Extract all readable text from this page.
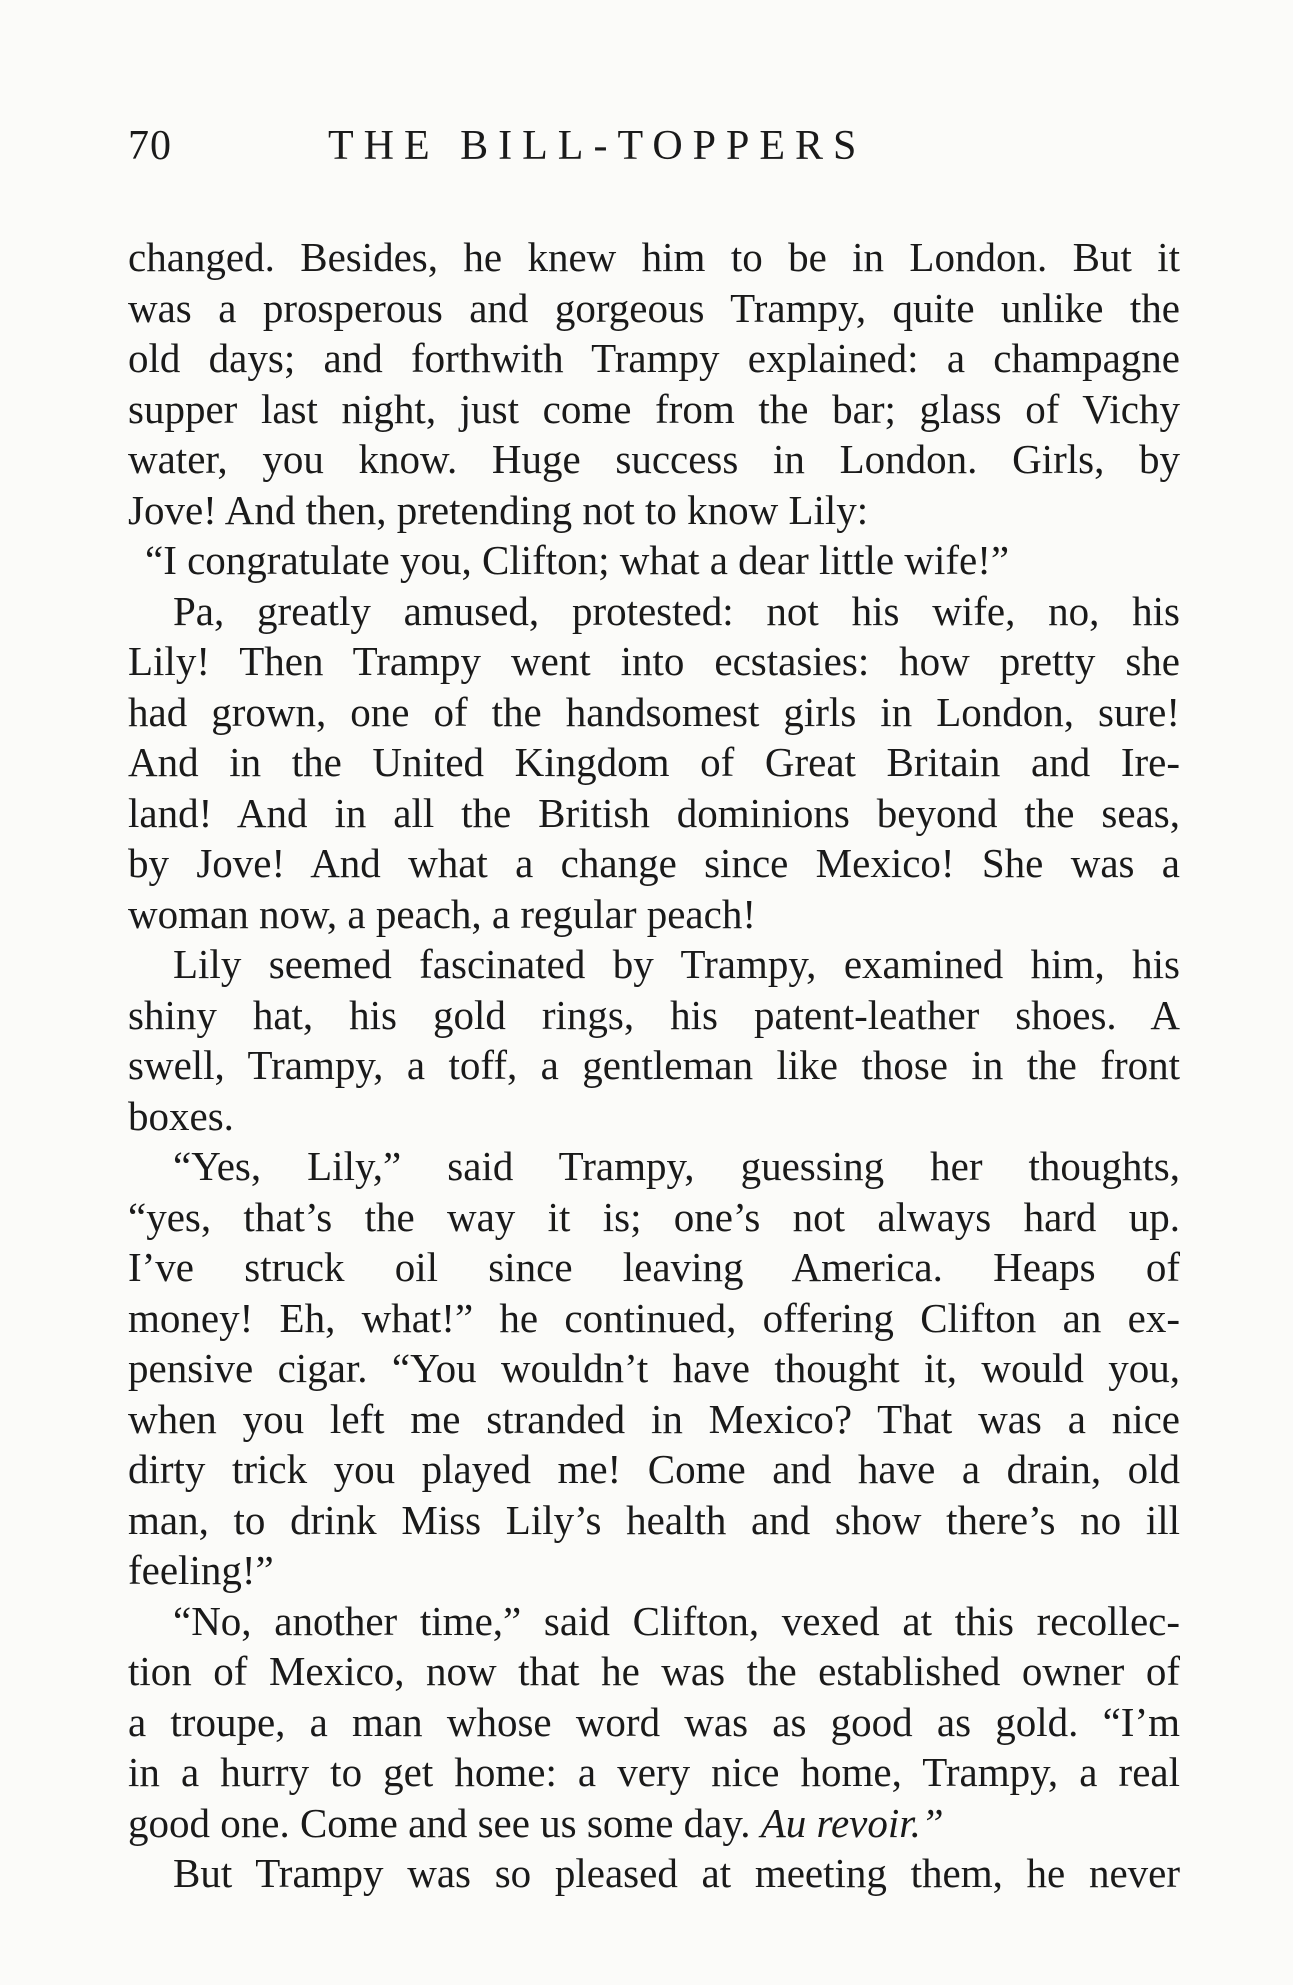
70	THE BILL-TOPPERS
changed. Besides, he knew him to be in London. But it
was a prosperous and gorgeous Trampy, quite unlike the
old days; and forthwith Trampy explained: a champagne
supper last night, just come from the bar; glass of Vichy
water, you know. Huge success in London. Girls, by
Jove! And then, pretending not to know Lily:
“I congratulate you, Clifton; what a dear little wife!”
Pa, greatly amused, protested: not his wife, no, his
Lily! Then Trampy went into ecstasies: how pretty she
had grown, one of the handsomest girls in London, sure!
And in the United Kingdom of Great Britain and Ire-
land! And in all the British dominions beyond the seas,
by Jove! And what a change since Mexico! She was a
woman now, a peach, a regular peach!
Lily seemed fascinated by Trampy, examined him, his
shiny hat, his gold rings, his patent-leather shoes. A
swell, Trampy, a toff, a gentleman like those in the front
boxes.
“Yes, Lily,” said Trampy, guessing her thoughts,
“yes, that’s the way it is; one’s not always hard up.
I’ve struck oil since leaving America. Heaps of
money! Eh, what!” he continued, offering Clifton an ex-
pensive cigar. “You wouldn’t have thought it, would you,
when you left me stranded in Mexico? That was a nice
dirty trick you played me! Come and have a drain, old
man, to drink Miss Lily’s health and show there’s no ill
feeling!”
“No, another time,” said Clifton, vexed at this recollec-
tion of Mexico, now that he was the established owner of
a troupe, a man whose word was as good as gold. “I’m
in a hurry to get home: a very nice home, Trampy, a real
good one. Come and see us some day. Au revoir.”
But Trampy was so pleased at meeting them, he never
